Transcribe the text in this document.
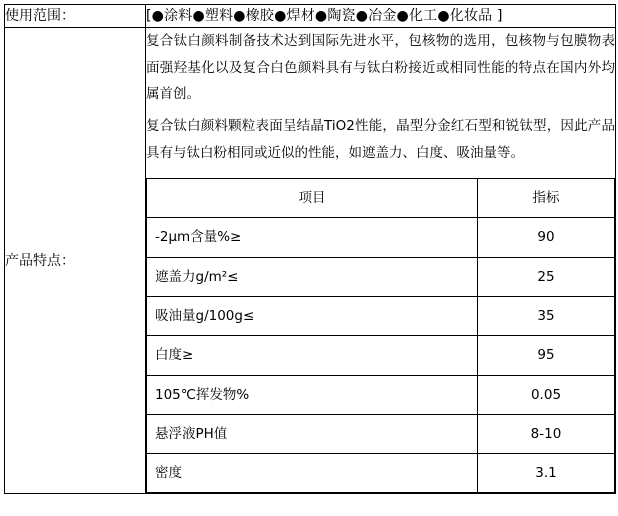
使用范围：	[●涂料●塑料●橡胶●焊材●陶瓷●冶金●化工●化妆品 ]
产品特点：	

复合钛白颜料制备技术达到国际先进水平，包核物的选用，包核物与包膜物表面强羟基化以及复合白色颜料具有与钛白粉接近或相同性能的特点在国内外均属首创。

复合钛白颜料颗粒表面呈结晶TiO2性能，晶型分金红石型和锐钛型，因此产品具有与钛白粉相同或近似的性能，如遮盖力、白度、吸油量等。

项目	指标
-2μm含量%≥	90
遮盖力g/m²≤	25
吸油量g/100g≤	35
白度≥	95
105℃挥发物%	0.05
悬浮液PH值	8-10
密度	3.1
